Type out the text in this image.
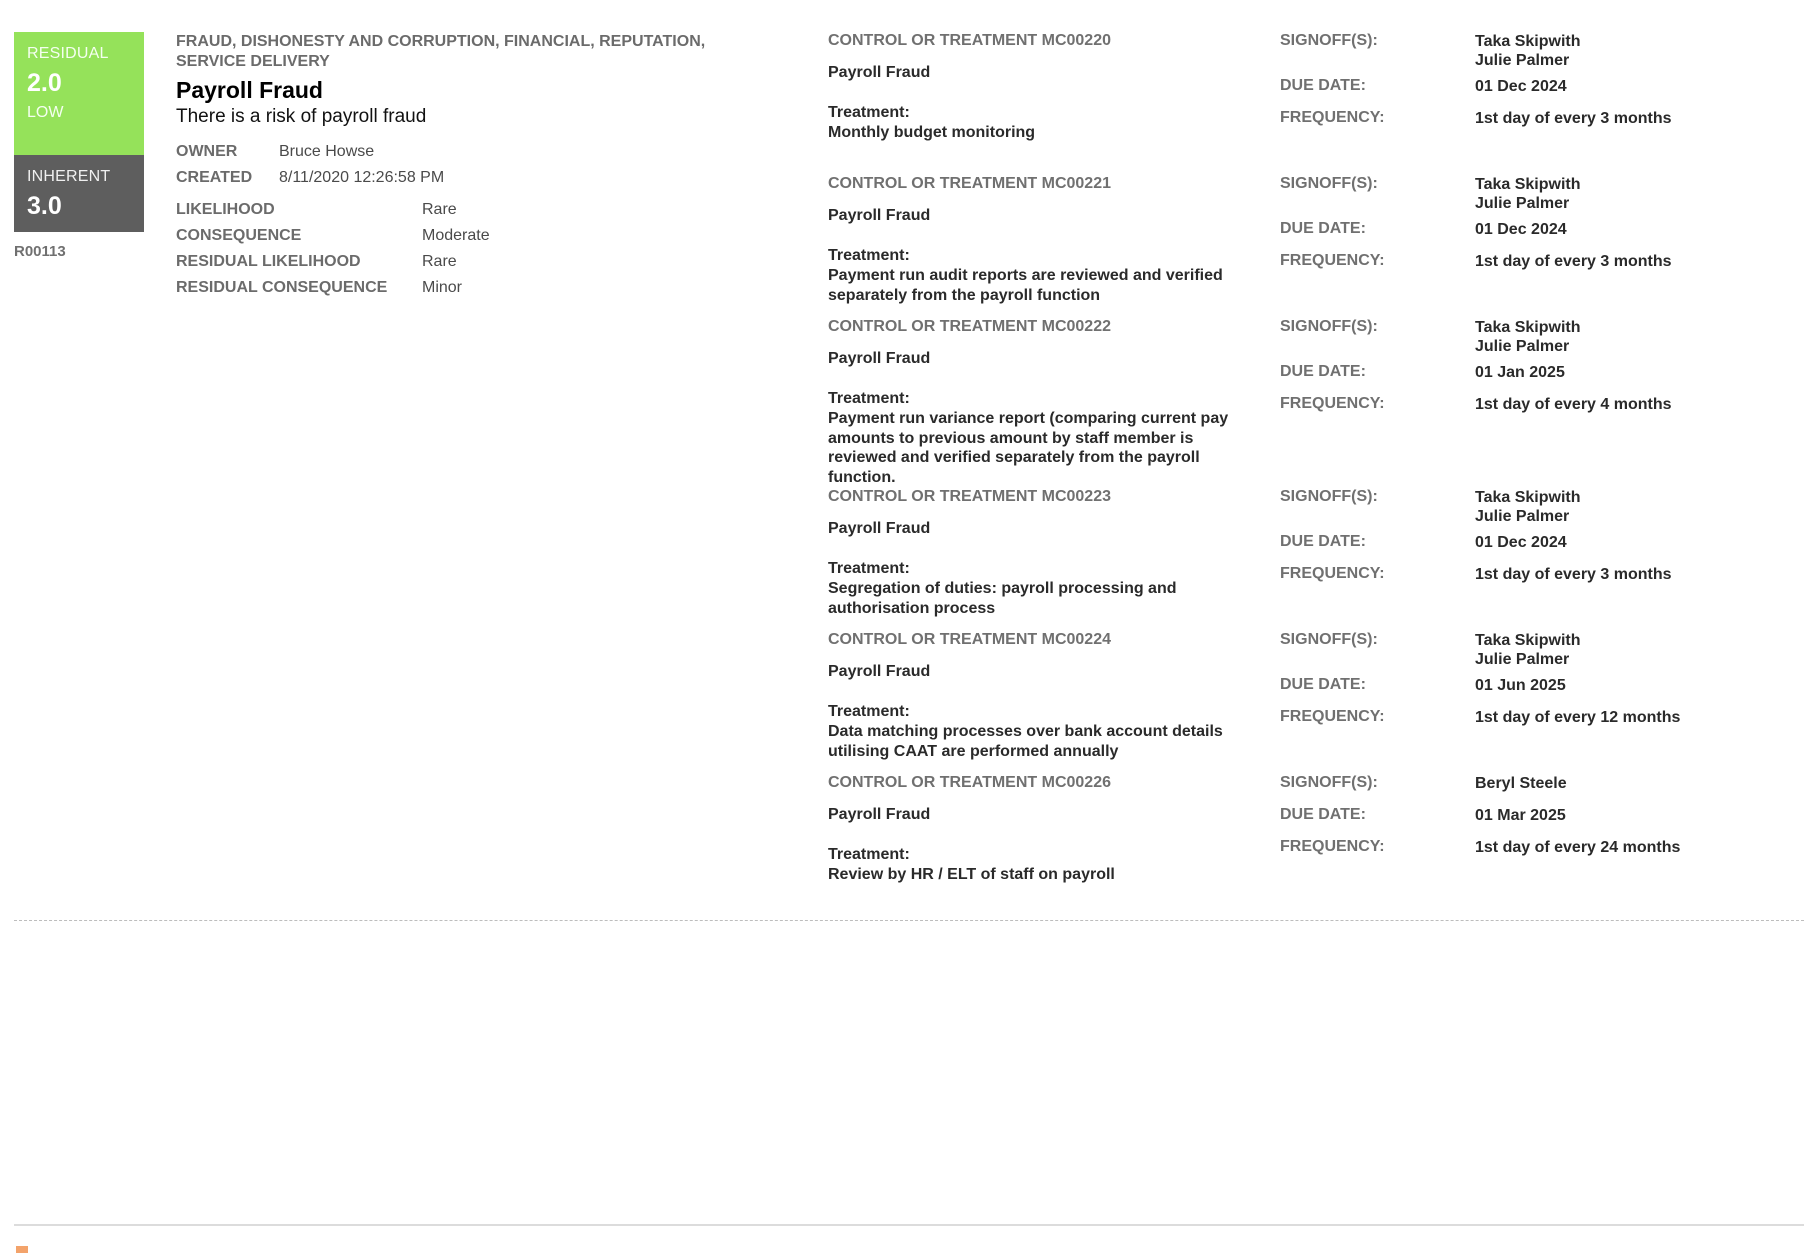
RESIDUAL
2.0
LOW
INHERENT
3.0
R00113
FRAUD, DISHONESTY AND CORRUPTION, FINANCIAL, REPUTATION,
SERVICE DELIVERY
Payroll Fraud
There is a risk of payroll fraud
OWNER	Bruce Howse
CREATED 8/11/2020 12:26:58 PM
LIKELIHOOD	Rare
CONSEQUENCE	Moderate
RESIDUAL LIKELIHOOD	Rare
RESIDUAL CONSEQUENCE Minor
CONTROL OR TREATMENT MC00220
Payroll Fraud
Treatment:
Monthly budget monitoring
SIGNOFF(S):	Taka Skipwith
Julie Palmer
DUE DATE:	01 Dec 2024
FREQUENCY:	1st day of every 3 months
CONTROL OR TREATMENT MC00221
Payroll Fraud
Treatment:
Payment run audit reports are reviewed and verified separately from the payroll function
SIGNOFF(S):	Taka Skipwith
Julie Palmer
DUE DATE:	01 Dec 2024
FREQUENCY:	1st day of every 3 months
CONTROL OR TREATMENT MC00222
Payroll Fraud
Treatment:
Payment run variance report (comparing current pay amounts to previous amount by staff member is reviewed and verified separately from the payroll function.
SIGNOFF(S):	Taka Skipwith
Julie Palmer
DUE DATE:	01 Jan 2025
FREQUENCY:	1st day of every 4 months
CONTROL OR TREATMENT MC00223
Payroll Fraud
Treatment:
Segregation of duties: payroll processing and authorisation process
SIGNOFF(S):	Taka Skipwith
Julie Palmer
DUE DATE:	01 Dec 2024
FREQUENCY:	1st day of every 3 months
CONTROL OR TREATMENT MC00224
Payroll Fraud
Treatment:
Data matching processes over bank account details utilising CAAT are performed annually
SIGNOFF(S):	Taka Skipwith
Julie Palmer
DUE DATE:	01 Jun 2025
FREQUENCY:	1st day of every 12 months
CONTROL OR TREATMENT MC00226
Payroll Fraud
Treatment:
Review by HR / ELT of staff on payroll
SIGNOFF(S):	Beryl Steele
DUE DATE:	01 Mar 2025
FREQUENCY:	1st day of every 24 months
